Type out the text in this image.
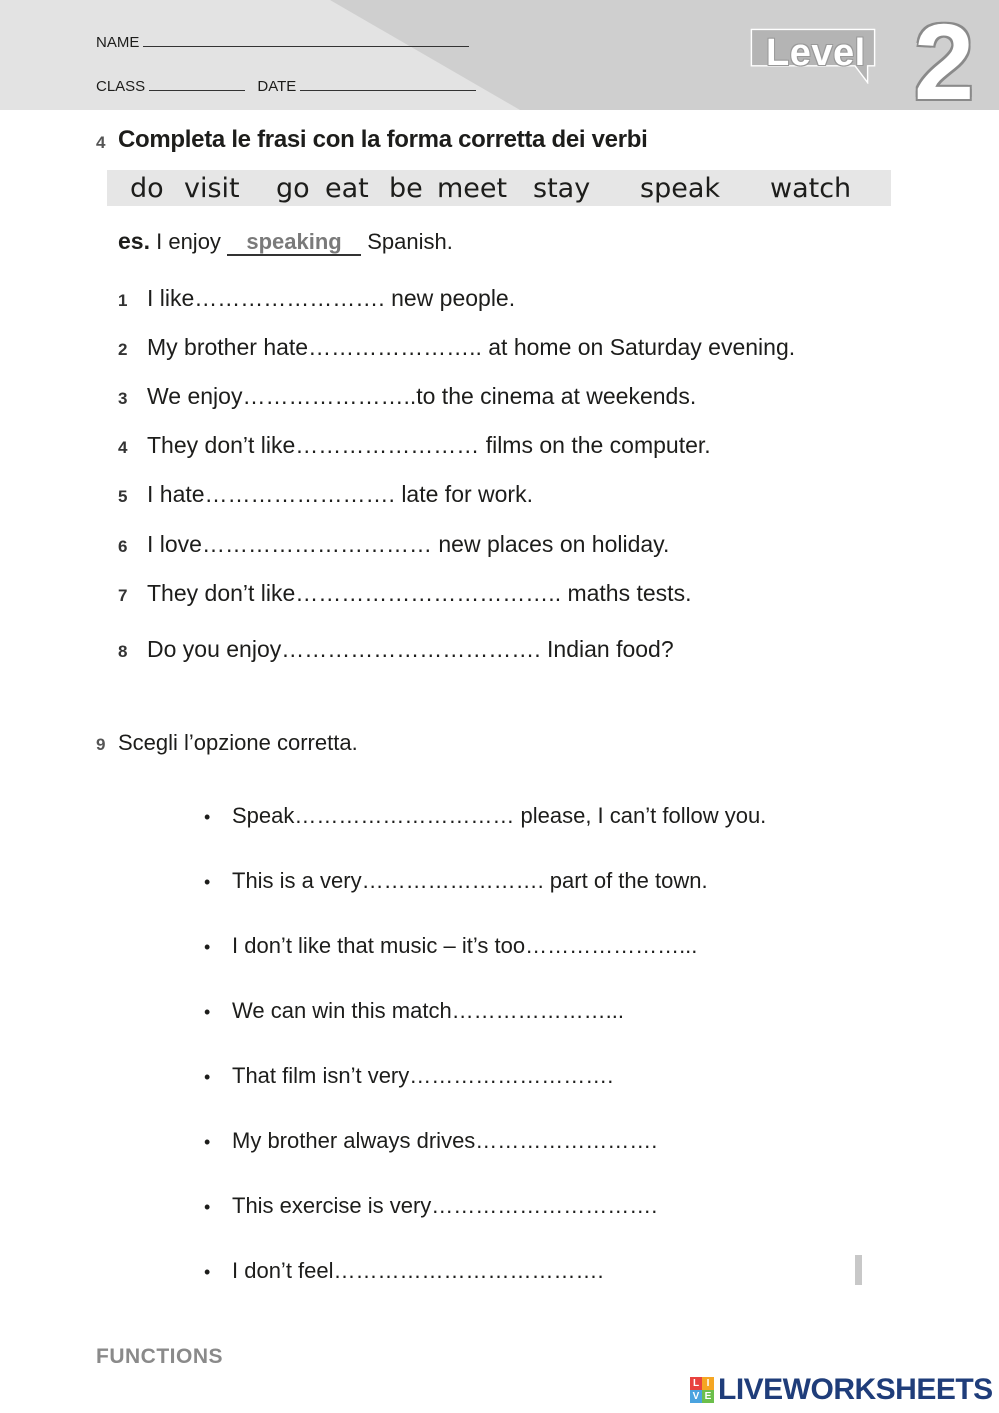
NAME
CLASS	DATE
Level 2
4 Completa le frasi con la forma corretta dei verbi
do visit go eat be meet stay speak watch
es. I enjoy speaking Spanish.
1 I like……………………. new people.
2 My brother hate………………….. at home on Saturday evening.
3 We enjoy…………………..to the cinema at weekends.
4 They don’t like…………………… films on the computer.
5 I hate……………………. late for work.
6 I love………………………… new places on holiday.
7 They don’t like…………………………….. maths tests.
8 Do you enjoy……………………………. Indian food?
9 Scegli l’opzione corretta.
• Speak………………………… please, I can’t follow you.
• This is a very……………………. part of the town.
• I don’t like that music – it’s too…………………...
• We can win this match…………………...
• That film isn’t very……………………….
• My brother always drives…………………….
• This exercise is very………………………….
• I don’t feel……………………………….
FUNCTIONS
L I
V E LIVEWORKSHEETS
